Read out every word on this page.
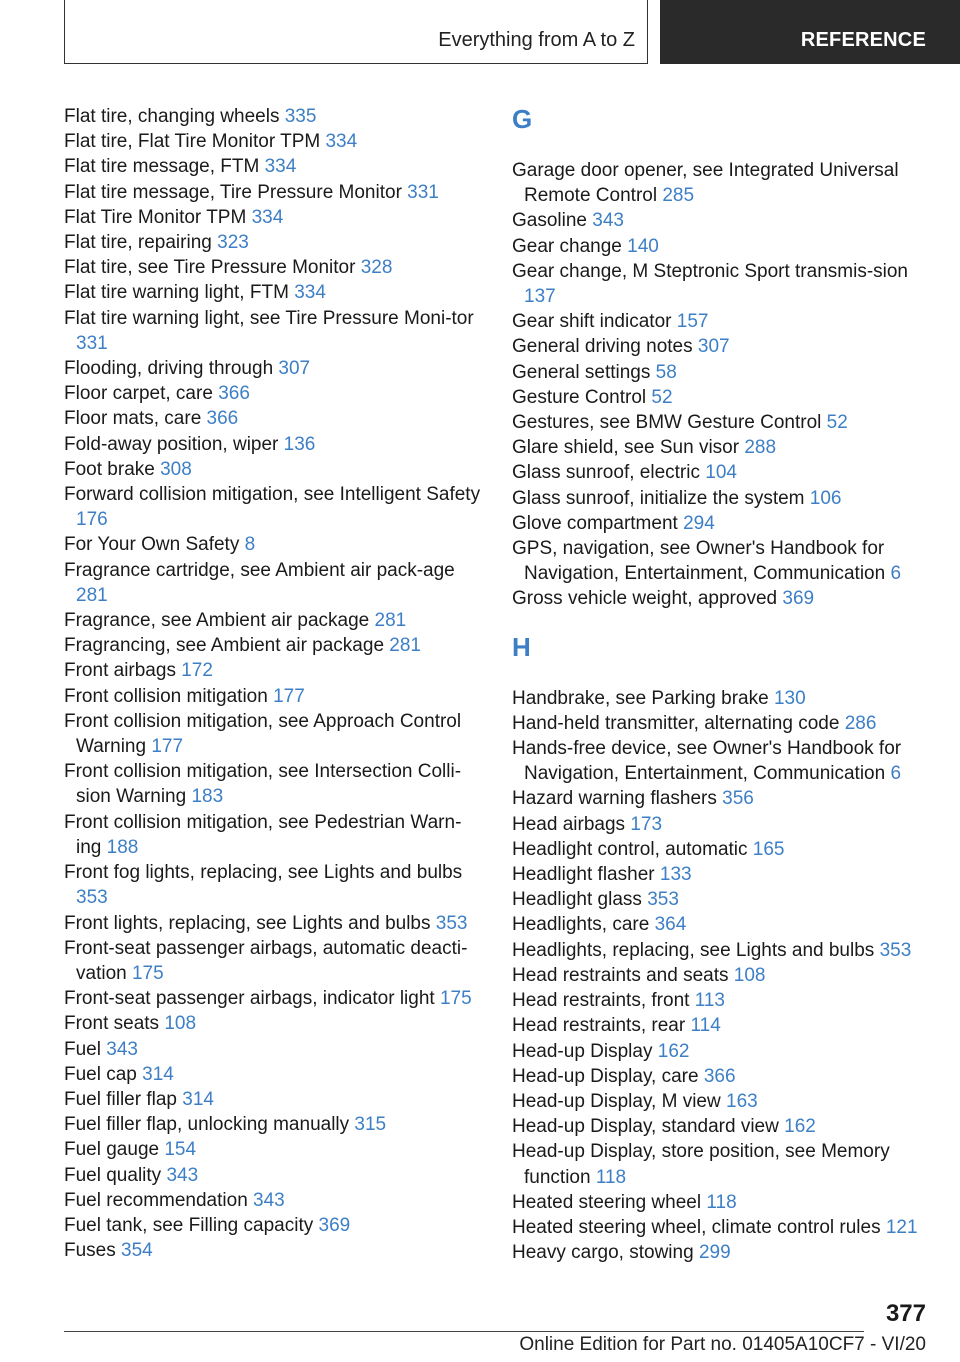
Everything from A to Z	REFERENCE
Flat tire, changing wheels 335
Flat tire, Flat Tire Monitor TPM 334
Flat tire message, FTM 334
Flat tire message, Tire Pressure Monitor 331
Flat Tire Monitor TPM 334
Flat tire, repairing 323
Flat tire, see Tire Pressure Monitor 328
Flat tire warning light, FTM 334
Flat tire warning light, see Tire Pressure Moni‐tor 331
Flooding, driving through 307
Floor carpet, care 366
Floor mats, care 366
Fold-away position, wiper 136
Foot brake 308
Forward collision mitigation, see Intelligent Safety 176
For Your Own Safety 8
Fragrance cartridge, see Ambient air pack‐age 281
Fragrance, see Ambient air package 281
Fragrancing, see Ambient air package 281
Front airbags 172
Front collision mitigation 177
Front collision mitigation, see Approach Control Warning 177
Front collision mitigation, see Intersection Colli‐sion Warning 183
Front collision mitigation, see Pedestrian Warn‐ing 188
Front fog lights, replacing, see Lights and bulbs 353
Front lights, replacing, see Lights and bulbs 353
Front-seat passenger airbags, automatic deacti‐vation 175
Front-seat passenger airbags, indicator light 175
Front seats 108
Fuel 343
Fuel cap 314
Fuel filler flap 314
Fuel filler flap, unlocking manually 315
Fuel gauge 154
Fuel quality 343
Fuel recommendation 343
Fuel tank, see Filling capacity 369
Fuses 354
G
Garage door opener, see Integrated Universal Remote Control 285
Gasoline 343
Gear change 140
Gear change, M Steptronic Sport transmis‐sion 137
Gear shift indicator 157
General driving notes 307
General settings 58
Gesture Control 52
Gestures, see BMW Gesture Control 52
Glare shield, see Sun visor 288
Glass sunroof, electric 104
Glass sunroof, initialize the system 106
Glove compartment 294
GPS, navigation, see Owner's Handbook for Navigation, Entertainment, Communication 6
Gross vehicle weight, approved 369
H
Handbrake, see Parking brake 130
Hand-held transmitter, alternating code 286
Hands-free device, see Owner's Handbook for Navigation, Entertainment, Communication 6
Hazard warning flashers 356
Head airbags 173
Headlight control, automatic 165
Headlight flasher 133
Headlight glass 353
Headlights, care 364
Headlights, replacing, see Lights and bulbs 353
Head restraints and seats 108
Head restraints, front 113
Head restraints, rear 114
Head-up Display 162
Head-up Display, care 366
Head-up Display, M view 163
Head-up Display, standard view 162
Head-up Display, store position, see Memory function 118
Heated steering wheel 118
Heated steering wheel, climate control rules 121
Heavy cargo, stowing 299
377
Online Edition for Part no. 01405A10CF7 - VI/20
